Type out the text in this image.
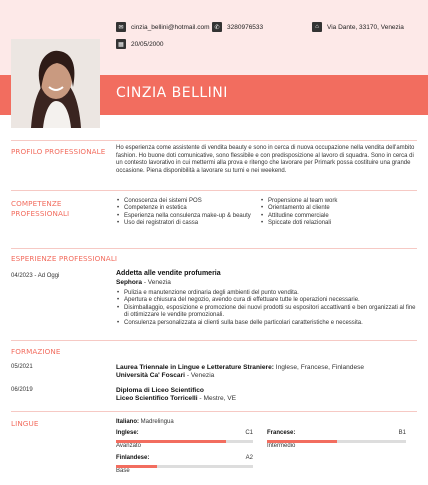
CINZIA BELLINI
✉	cinzia_bellini@hotmail.com ✆	3280976533	⌂	Via Dante, 33170, Venezia
▦	20/05/2000
PROFILO PROFESSIONALE Ho esperienza come assistente di vendita beauty e sono in cerca di nuova occupazione nella vendita dell'ambito fashion. Ho buone doti comunicative, sono flessibile e con predisposizione al lavoro di squadra. Sono in cerca di un contesto lavorativo in cui mettermi alla prova e ritengo che lavorare per Primark possa costituire una grande occasione. Piena disponibilità a lavorare su turni e nei weekend.
COMPETENZE PROFESSIONALI
• Conoscenza dei sistemi POS
• Competenze in estetica
• Esperienza nella consulenza make-up & beauty
• Uso dei registratori di cassa
• Propensione al team work
• Orientamento al cliente
• Attitudine commerciale
• Spiccate doti relazionali
ESPERIENZE PROFESSIONALI
04/2023 - Ad Oggi	Addetta alle vendite profumeria
Sephora - Venezia
• Pulizia e manutenzione ordinaria degli ambienti del punto vendita.
• Apertura e chiusura del negozio, avendo cura di effettuare tutte le operazioni necessarie.
• Disimballaggio, esposizione e promozione dei nuovi prodotti su espositori accattivanti e ben organizzati al fine di ottimizzare le vendite promozionali.
• Consulenza personalizzata ai clienti sulla base delle particolari caratteristiche e necessita.
FORMAZIONE
05/2021	Laurea Triennale in Lingue e Letterature Straniere: Inglese, Francese, Finlandese
Università Ca' Foscari - Venezia
06/2019	Diploma di Liceo Scientifico
Liceo Scientifico Torricelli - Mestre, VE
LINGUE	Italiano: Madrelingua
Inglese:	C1
Avanzato
Francese:	B1
Intermedio
Finlandese:	A2
Base
